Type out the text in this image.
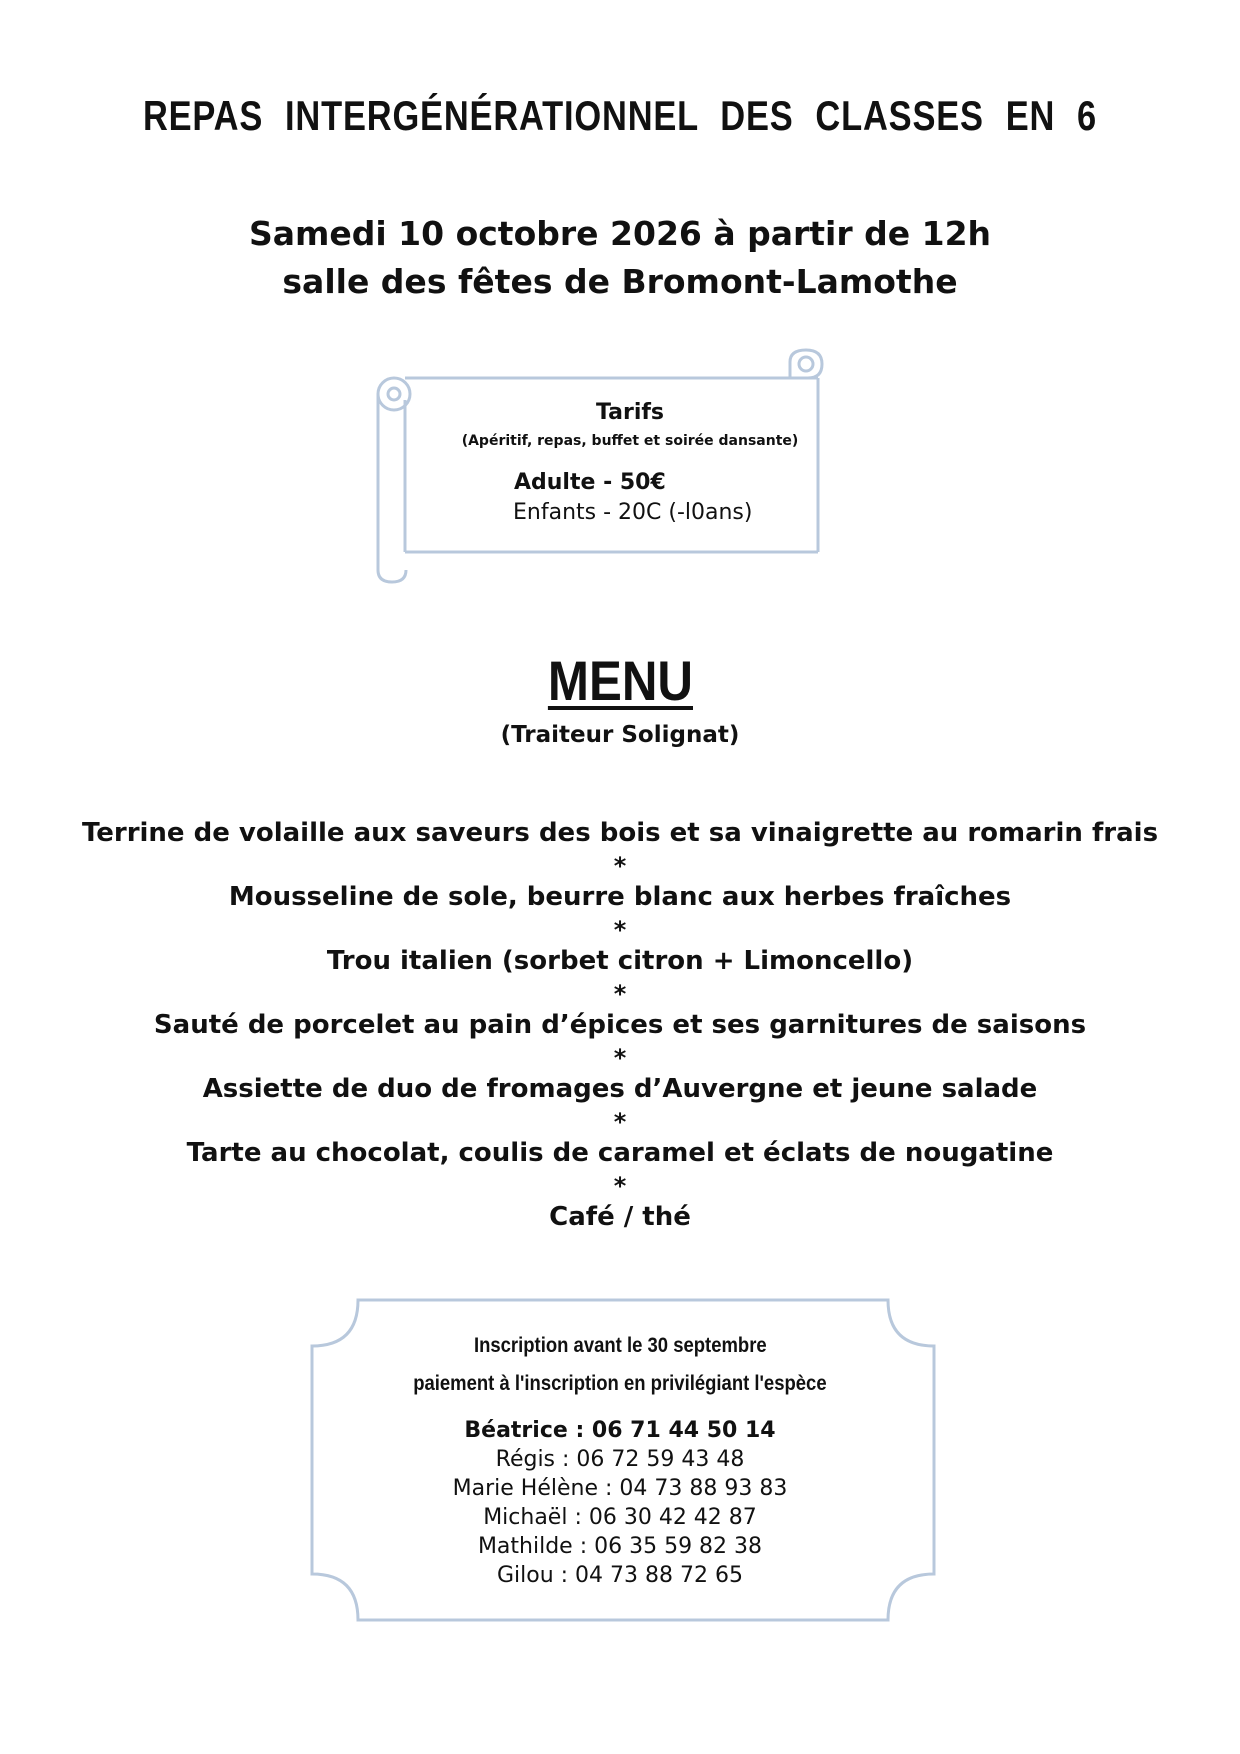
REPAS INTERGÉNÉRATIONNEL DES CLASSES EN 6
Samedi 10 octobre 2026 à partir de 12h
salle des fêtes de Bromont-Lamothe
Tarifs
(Apéritif, repas, buffet et soirée dansante)
Adulte - 50€
Enfants - 20C (-l0ans)
MENU
(Traiteur Solignat)
Terrine de volaille aux saveurs des bois et sa vinaigrette au romarin frais
*
Mousseline de sole, beurre blanc aux herbes fraîches
*
Trou italien (sorbet citron + Limoncello)
*
Sauté de porcelet au pain d’épices et ses garnitures de saisons
*
Assiette de duo de fromages d’Auvergne et jeune salade
*
Tarte au chocolat, coulis de caramel et éclats de nougatine
*
Café / thé
Inscription avant le 30 septembre
paiement à l'inscription en privilégiant l'espèce
Béatrice : 06 71 44 50 14
Régis : 06 72 59 43 48
Marie Hélène : 04 73 88 93 83
Michaël : 06 30 42 42 87
Mathilde : 06 35 59 82 38
Gilou : 04 73 88 72 65
